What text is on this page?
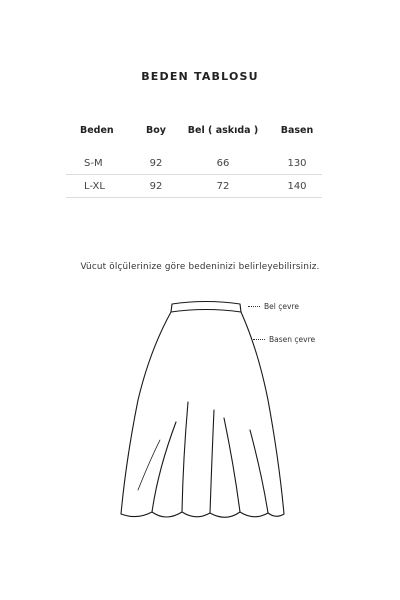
BEDEN TABLOSU
Beden	Boy	Bel ( askıda )	Basen
S-M	92	66	130
L-XL	92	72	140
Vücut ölçülerinize göre bedeninizi belirleyebilirsiniz.
Bel çevre
Basen çevre
